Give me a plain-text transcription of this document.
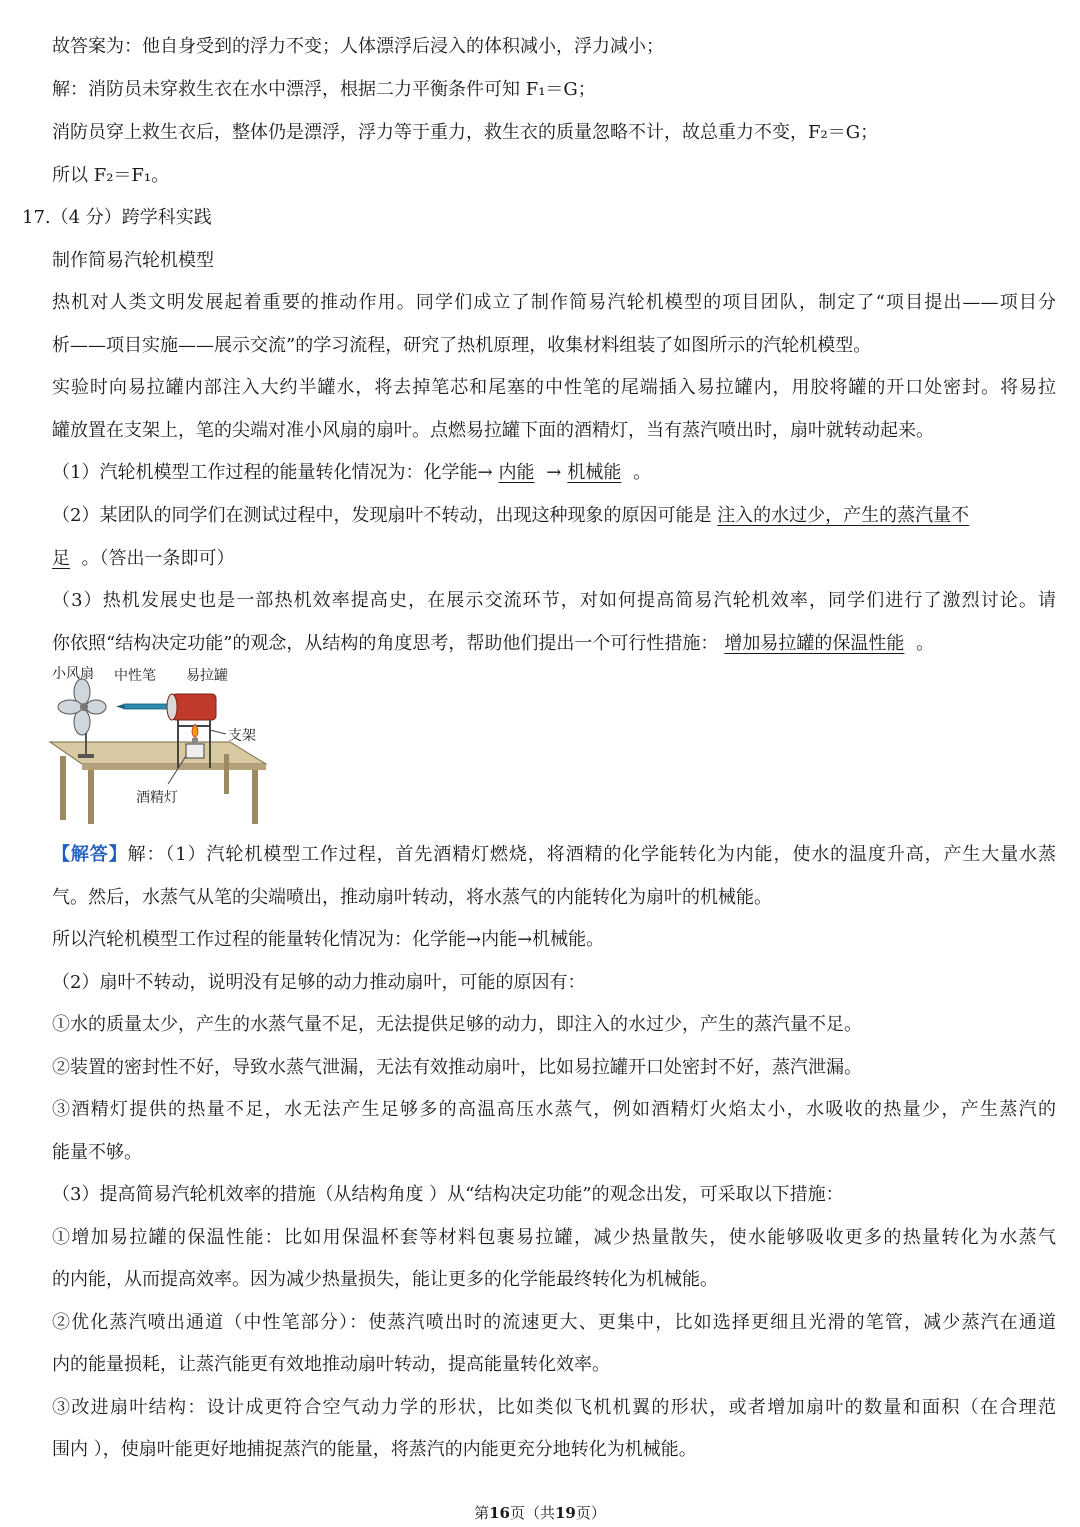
故答案为：他自身受到的浮力不变；人体漂浮后浸入的体积减小，浮力减小；
解：消防员未穿救生衣在水中漂浮，根据二力平衡条件可知 F₁＝G；
消防员穿上救生衣后，整体仍是漂浮，浮力等于重力，救生衣的质量忽略不计，故总重力不变，F₂＝G；
所以 F₂＝F₁。
17.（4 分）跨学科实践
制作简易汽轮机模型
热机对人类文明发展起着重要的推动作用。同学们成立了制作简易汽轮机模型的项目团队，制定了“项目提出——项目分
析——项目实施——展示交流”的学习流程，研究了热机原理，收集材料组装了如图所示的汽轮机模型。
实验时向易拉罐内部注入大约半罐水，将去掉笔芯和尾塞的中性笔的尾端插入易拉罐内，用胶将罐的开口处密封。将易拉
罐放置在支架上，笔的尖端对准小风扇的扇叶。点燃易拉罐下面的酒精灯，当有蒸汽喷出时，扇叶就转动起来。
（1）汽轮机模型工作过程的能量转化情况为：化学能→ 内能 → 机械能 。
（2）某团队的同学们在测试过程中，发现扇叶不转动，出现这种现象的原因可能是 注入的水过少，产生的蒸汽量不
足 。（答出一条即可）
（3）热机发展史也是一部热机效率提高史，在展示交流环节，对如何提高简易汽轮机效率，同学们进行了激烈讨论。请
你依照“结构决定功能”的观念，从结构的角度思考，帮助他们提出一个可行性措施： 增加易拉罐的保温性能 。
小风扇 中性笔 易拉罐
支架
酒精灯
【解答】解：（1）汽轮机模型工作过程，首先酒精灯燃烧，将酒精的化学能转化为内能，使水的温度升高，产生大量水蒸
气。然后，水蒸气从笔的尖端喷出，推动扇叶转动，将水蒸气的内能转化为扇叶的机械能。
所以汽轮机模型工作过程的能量转化情况为：化学能→内能→机械能。
（2）扇叶不转动，说明没有足够的动力推动扇叶，可能的原因有：
①水的质量太少，产生的水蒸气量不足，无法提供足够的动力，即注入的水过少，产生的蒸汽量不足。
②装置的密封性不好，导致水蒸气泄漏，无法有效推动扇叶，比如易拉罐开口处密封不好，蒸汽泄漏。
③酒精灯提供的热量不足，水无法产生足够多的高温高压水蒸气，例如酒精灯火焰太小，水吸收的热量少，产生蒸汽的
能量不够。
（3）提高简易汽轮机效率的措施（从结构角度 ）从“结构决定功能”的观念出发，可采取以下措施：
①增加易拉罐的保温性能：比如用保温杯套等材料包裹易拉罐，减少热量散失，使水能够吸收更多的热量转化为水蒸气
的内能，从而提高效率。因为减少热量损失，能让更多的化学能最终转化为机械能。
②优化蒸汽喷出通道（中性笔部分）：使蒸汽喷出时的流速更大、更集中，比如选择更细且光滑的笔管，减少蒸汽在通道
内的能量损耗，让蒸汽能更有效地推动扇叶转动，提高能量转化效率。
③改进扇叶结构：设计成更符合空气动力学的形状，比如类似飞机机翼的形状，或者增加扇叶的数量和面积（在合理范
围内 ），使扇叶能更好地捕捉蒸汽的能量，将蒸汽的内能更充分地转化为机械能。
第16页（共19页）
